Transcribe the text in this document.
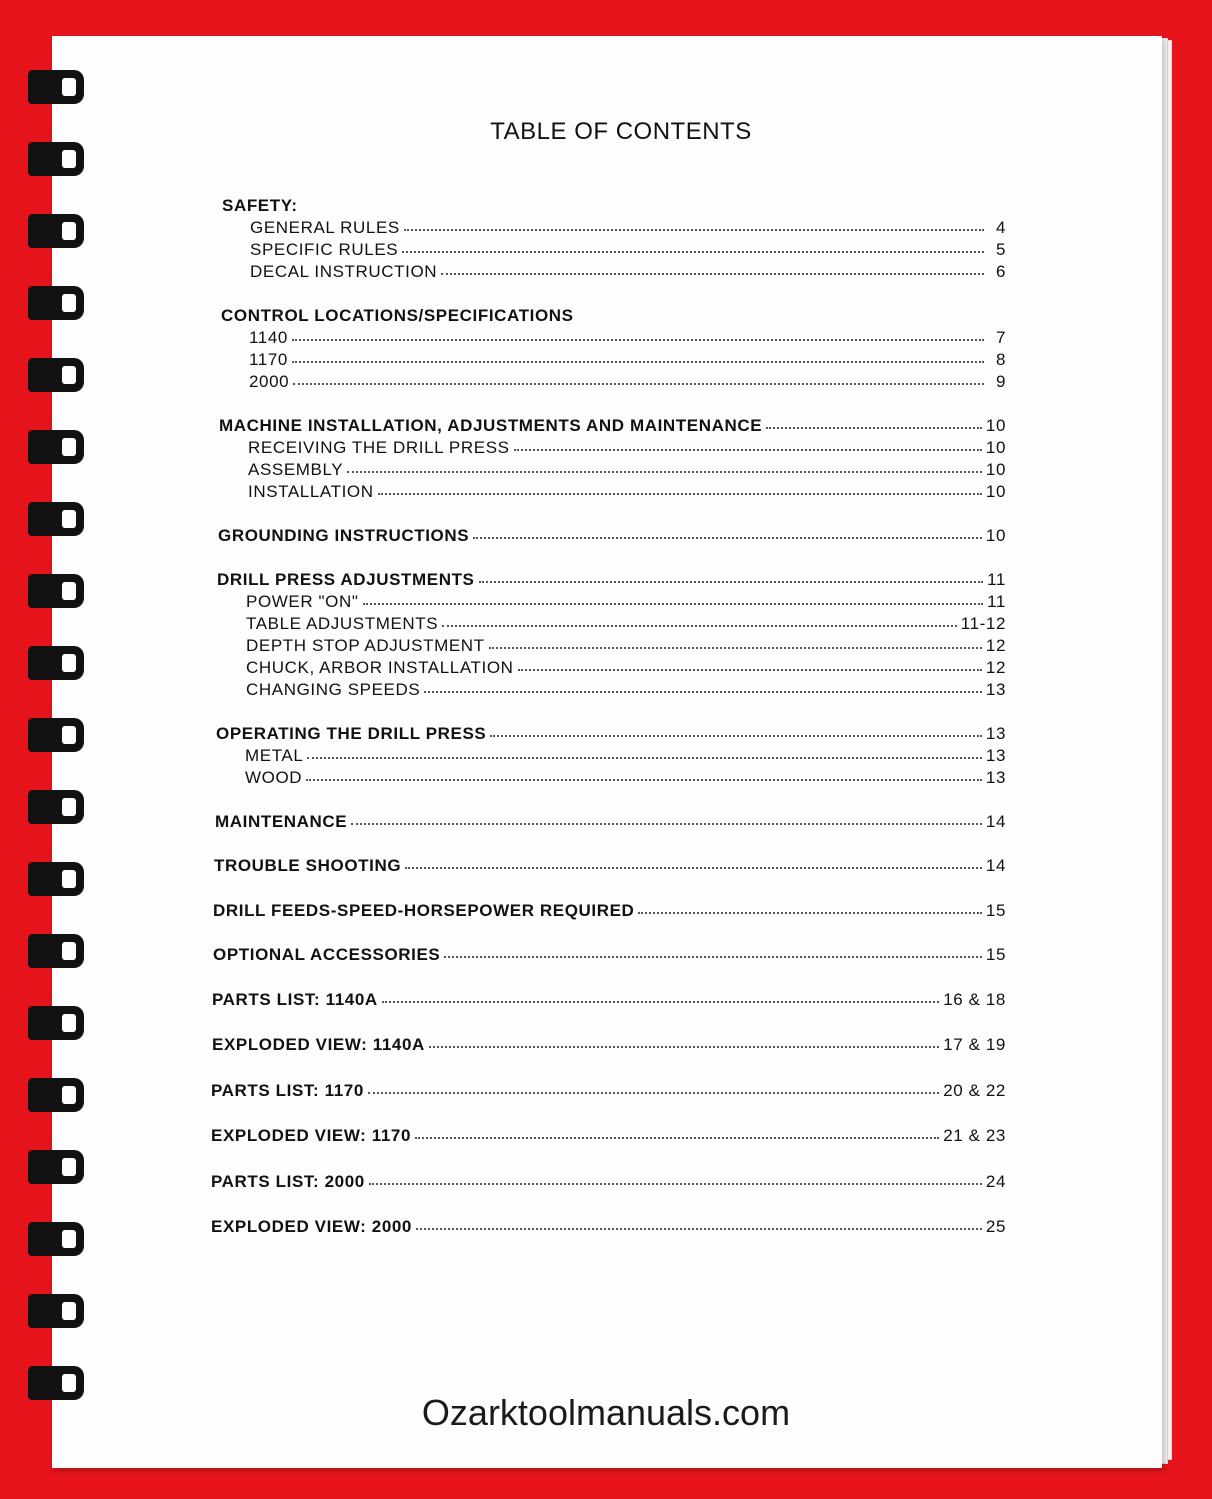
TABLE OF CONTENTS
SAFETY:
GENERAL RULES	4
SPECIFIC RULES	5
DECAL INSTRUCTION	6
CONTROL LOCATIONS/SPECIFICATIONS
1140	7
1170	8
2000	9
MACHINE INSTALLATION, ADJUSTMENTS AND MAINTENANCE	10
RECEIVING THE DRILL PRESS	10
ASSEMBLY	10
INSTALLATION	10
GROUNDING INSTRUCTIONS	10
DRILL PRESS ADJUSTMENTS	11
POWER "ON"	11
TABLE ADJUSTMENTS	11-12
DEPTH STOP ADJUSTMENT	12
CHUCK, ARBOR INSTALLATION	12
CHANGING SPEEDS	13
OPERATING THE DRILL PRESS	13
METAL	13
WOOD	13
MAINTENANCE	14
TROUBLE SHOOTING	14
DRILL FEEDS-SPEED-HORSEPOWER REQUIRED	15
OPTIONAL ACCESSORIES	15
PARTS LIST: 1140A	16 & 18
EXPLODED VIEW: 1140A	17 & 19
PARTS LIST: 1170	20 & 22
EXPLODED VIEW: 1170	21 & 23
PARTS LIST: 2000	24
EXPLODED VIEW: 2000	25
Ozarktoolmanuals.com
